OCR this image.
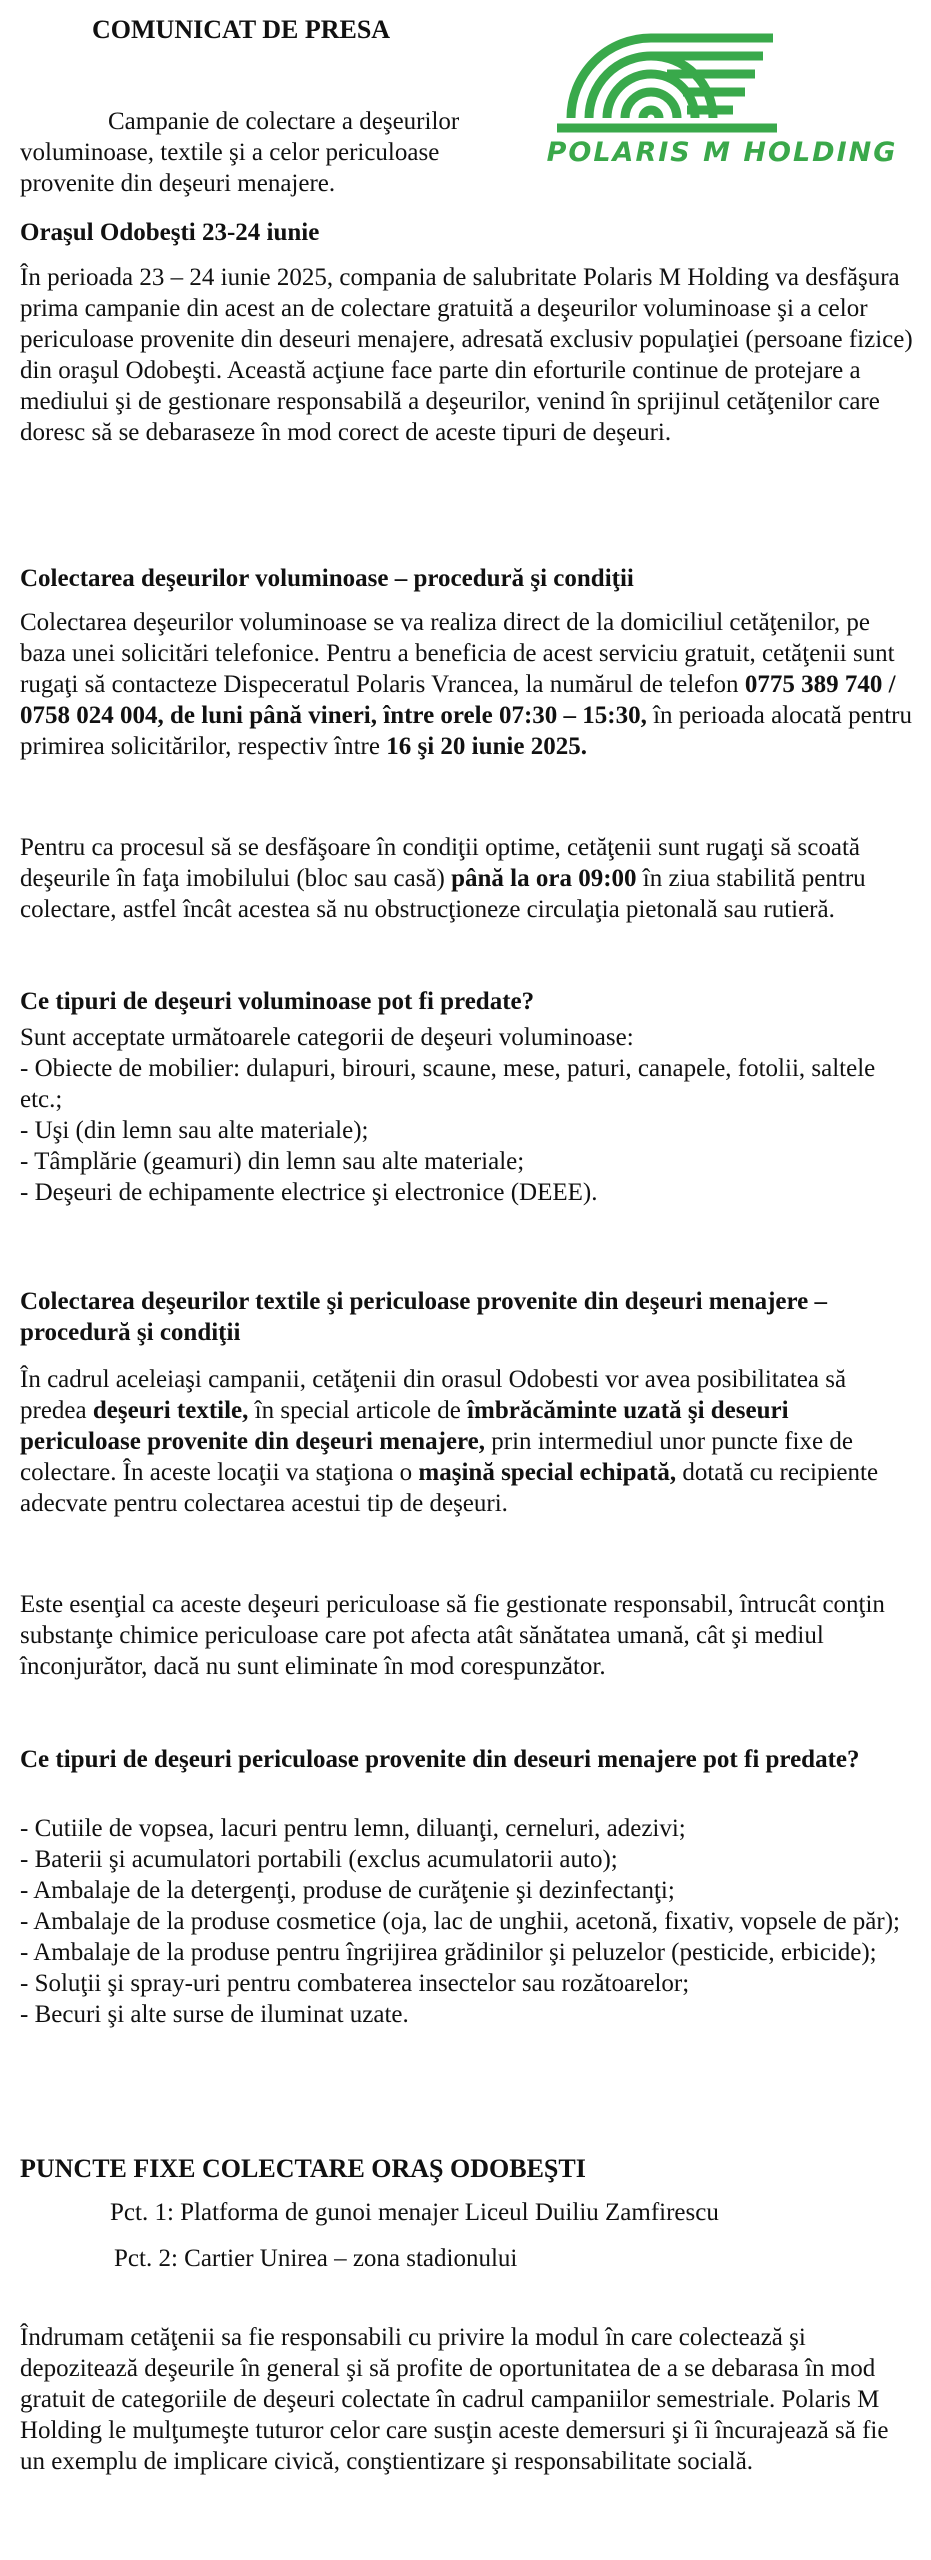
COMUNICAT DE PRESA

Campanie de colectare a deşeurilor voluminoase, textile şi a celor periculoase provenite din deşeuri menajere.

Oraşul Odobeşti 23-24 iunie

În perioada 23 – 24 iunie 2025, compania de salubritate Polaris M Holding va desfăşura prima campanie din acest an de colectare gratuită a deşeurilor voluminoase şi a celor periculoase provenite din deseuri menajere, adresată exclusiv populaţiei (persoane fizice) din oraşul Odobeşti. Această acţiune face parte din eforturile continue de protejare a mediului şi de gestionare responsabilă a deşeurilor, venind în sprijinul cetăţenilor care doresc să se debaraseze în mod corect de aceste tipuri de deşeuri.

Colectarea deşeurilor voluminoase – procedură şi condiţii

Colectarea deşeurilor voluminoase se va realiza direct de la domiciliul cetăţenilor, pe baza unei solicitări telefonice. Pentru a beneficia de acest serviciu gratuit, cetăţenii sunt rugaţi să contacteze Dispeceratul Polaris Vrancea, la numărul de telefon 0775 389 740 / 0758 024 004, de luni până vineri, între orele 07:30 – 15:30, în perioada alocată pentru primirea solicitărilor, respectiv între 16 şi 20 iunie 2025.

Pentru ca procesul să se desfăşoare în condiţii optime, cetăţenii sunt rugaţi să scoată deşeurile în faţa imobilului (bloc sau casă) până la ora 09:00 în ziua stabilită pentru colectare, astfel încât acestea să nu obstrucţioneze circulaţia pietonală sau rutieră.

Ce tipuri de deşeuri voluminoase pot fi predate?
Sunt acceptate următoarele categorii de deşeuri voluminoase:
- Obiecte de mobilier: dulapuri, birouri, scaune, mese, paturi, canapele, fotolii, saltele etc.;
- Uşi (din lemn sau alte materiale);
- Tâmplărie (geamuri) din lemn sau alte materiale;
- Deşeuri de echipamente electrice şi electronice (DEEE).
Colectarea deşeurilor textile şi periculoase provenite din deşeuri menajere – procedură şi condiţii

În cadrul aceleiaşi campanii, cetăţenii din orasul Odobesti vor avea posibilitatea să predea deşeuri textile, în special articole de îmbrăcăminte uzată şi deseuri periculoase provenite din deşeuri menajere, prin intermediul unor puncte fixe de colectare. În aceste locaţii va staţiona o maşină special echipată, dotată cu recipiente adecvate pentru colectarea acestui tip de deşeuri.

Este esenţial ca aceste deşeuri periculoase să fie gestionate responsabil, întrucât conţin substanţe chimice periculoase care pot afecta atât sănătatea umană, cât şi mediul înconjurător, dacă nu sunt eliminate în mod corespunzător.

Ce tipuri de deşeuri periculoase provenite din deseuri menajere pot fi predate?
- Cutiile de vopsea, lacuri pentru lemn, diluanţi, cerneluri, adezivi;
- Baterii şi acumulatori portabili (exclus acumulatorii auto);
- Ambalaje de la detergenţi, produse de curăţenie şi dezinfectanţi;
- Ambalaje de la produse cosmetice (oja, lac de unghii, acetonă, fixativ, vopsele de păr);
- Ambalaje de la produse pentru îngrijirea grădinilor şi peluzelor (pesticide, erbicide);
- Soluţii şi spray-uri pentru combaterea insectelor sau rozătoarelor;
- Becuri şi alte surse de iluminat uzate.
PUNCTE FIXE COLECTARE ORAŞ ODOBEŞTI
Pct. 1: Platforma de gunoi menajer Liceul Duiliu Zamfirescu
Pct. 2: Cartier Unirea – zona stadionului

Îndrumam cetăţenii sa fie responsabili cu privire la modul în care colectează şi depozitează deşeurile în general şi să profite de oportunitatea de a se debarasa în mod gratuit de categoriile de deşeuri colectate în cadrul campaniilor semestriale. Polaris M Holding le mulţumeşte tuturor celor care susţin aceste demersuri şi îi încurajează să fie un exemplu de implicare civică, conştientizare şi responsabilitate socială.

POLARIS M HOLDING
